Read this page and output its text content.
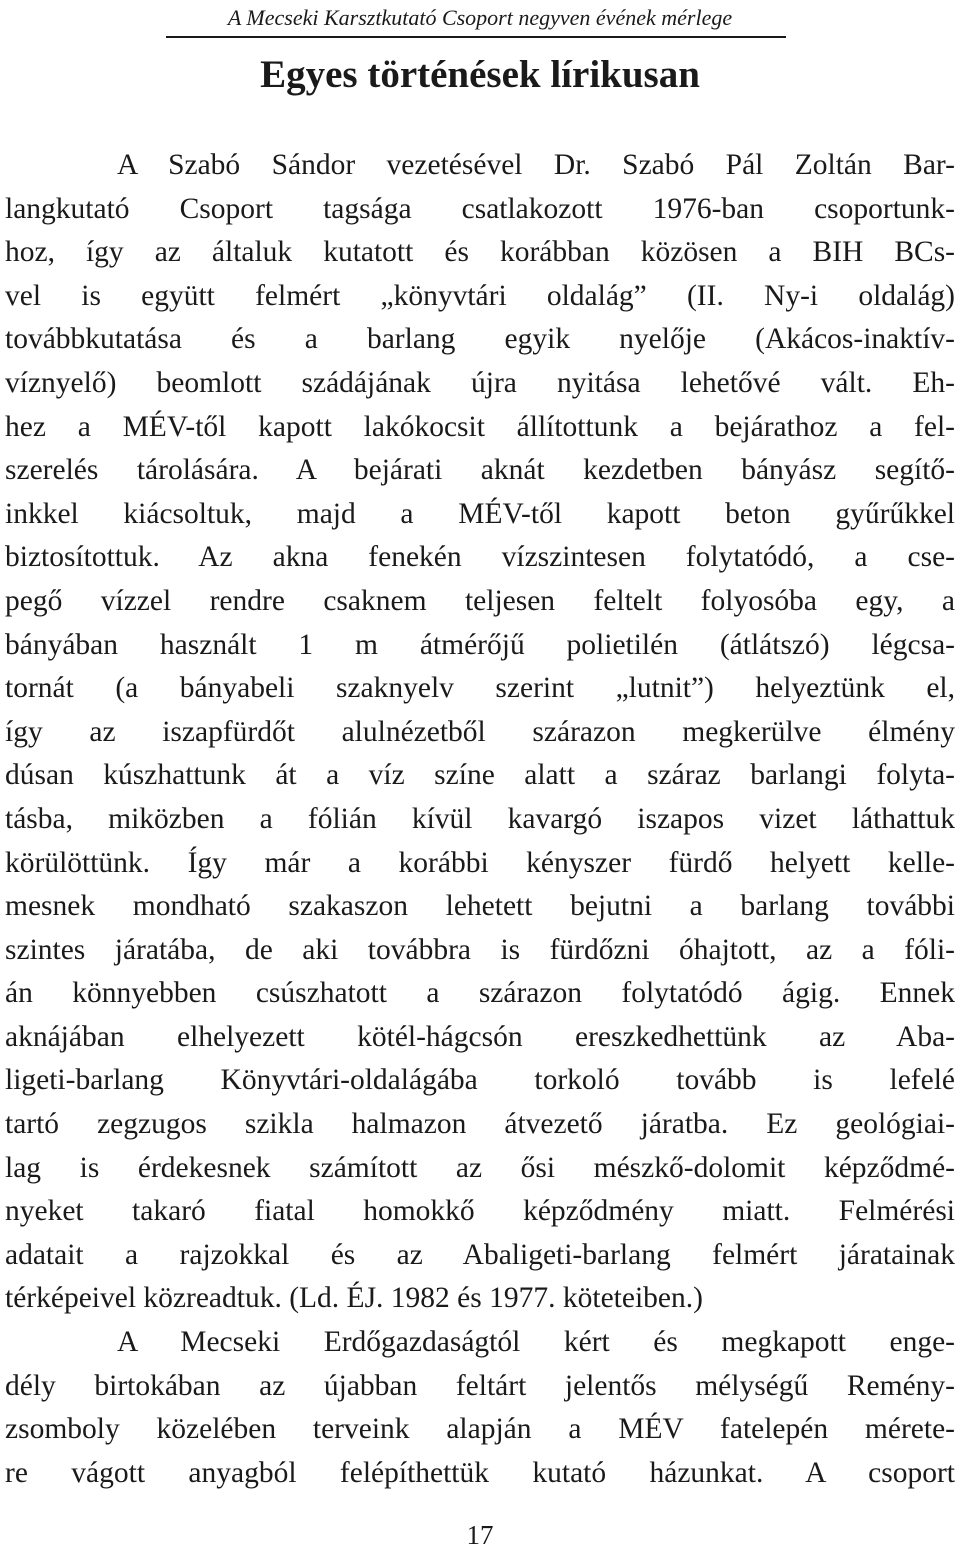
A Mecseki Karsztkutató Csoport negyven évének mérlege
Egyes történések lírikusan
A Szabó Sándor vezetésével Dr. Szabó Pál Zoltán Bar-
langkutató Csoport tagsága csatlakozott 1976-ban csoportunk-
hoz, így az általuk kutatott és korábban közösen a BIH BCs-
vel is együtt felmért „könyvtári oldalág” (II. Ny-i oldalág)
továbbkutatása és a barlang egyik nyelője (Akácos-inaktív-
víznyelő) beomlott szádájának újra nyitása lehetővé vált. Eh-
hez a MÉV-től kapott lakókocsit állítottunk a bejárathoz a fel-
szerelés tárolására. A bejárati aknát kezdetben bányász segítő-
inkkel kiácsoltuk, majd a MÉV-től kapott beton gyűrűkkel
biztosítottuk. Az akna fenekén vízszintesen folytatódó, a cse-
pegő vízzel rendre csaknem teljesen feltelt folyosóba egy, a
bányában használt 1 m átmérőjű polietilén (átlátszó) légcsa-
tornát (a bányabeli szaknyelv szerint „lutnit”) helyeztünk el,
így az iszapfürdőt alulnézetből szárazon megkerülve élmény
dúsan kúszhattunk át a víz színe alatt a száraz barlangi folyta-
tásba, miközben a fólián kívül kavargó iszapos vizet láthattuk
körülöttünk. Így már a korábbi kényszer fürdő helyett kelle-
mesnek mondható szakaszon lehetett bejutni a barlang további
szintes járatába, de aki továbbra is fürdőzni óhajtott, az a fóli-
án könnyebben csúszhatott a szárazon folytatódó ágig. Ennek
aknájában elhelyezett kötél-hágcsón ereszkedhettünk az Aba-
ligeti-barlang Könyvtári-oldalágába torkoló tovább is lefelé
tartó zegzugos szikla halmazon átvezető járatba. Ez geológiai-
lag is érdekesnek számított az ősi mészkő-dolomit képződmé-
nyeket takaró fiatal homokkő képződmény miatt. Felmérési
adatait a rajzokkal és az Abaligeti-barlang felmért járatainak
térképeivel közreadtuk. (Ld. ÉJ. 1982 és 1977. köteteiben.)
A Mecseki Erdőgazdaságtól kért és megkapott enge-
dély birtokában az újabban feltárt jelentős mélységű Remény-
zsomboly közelében terveink alapján a MÉV fatelepén mérete-
re vágott anyagból felépíthettük kutató házunkat. A csoport
17
